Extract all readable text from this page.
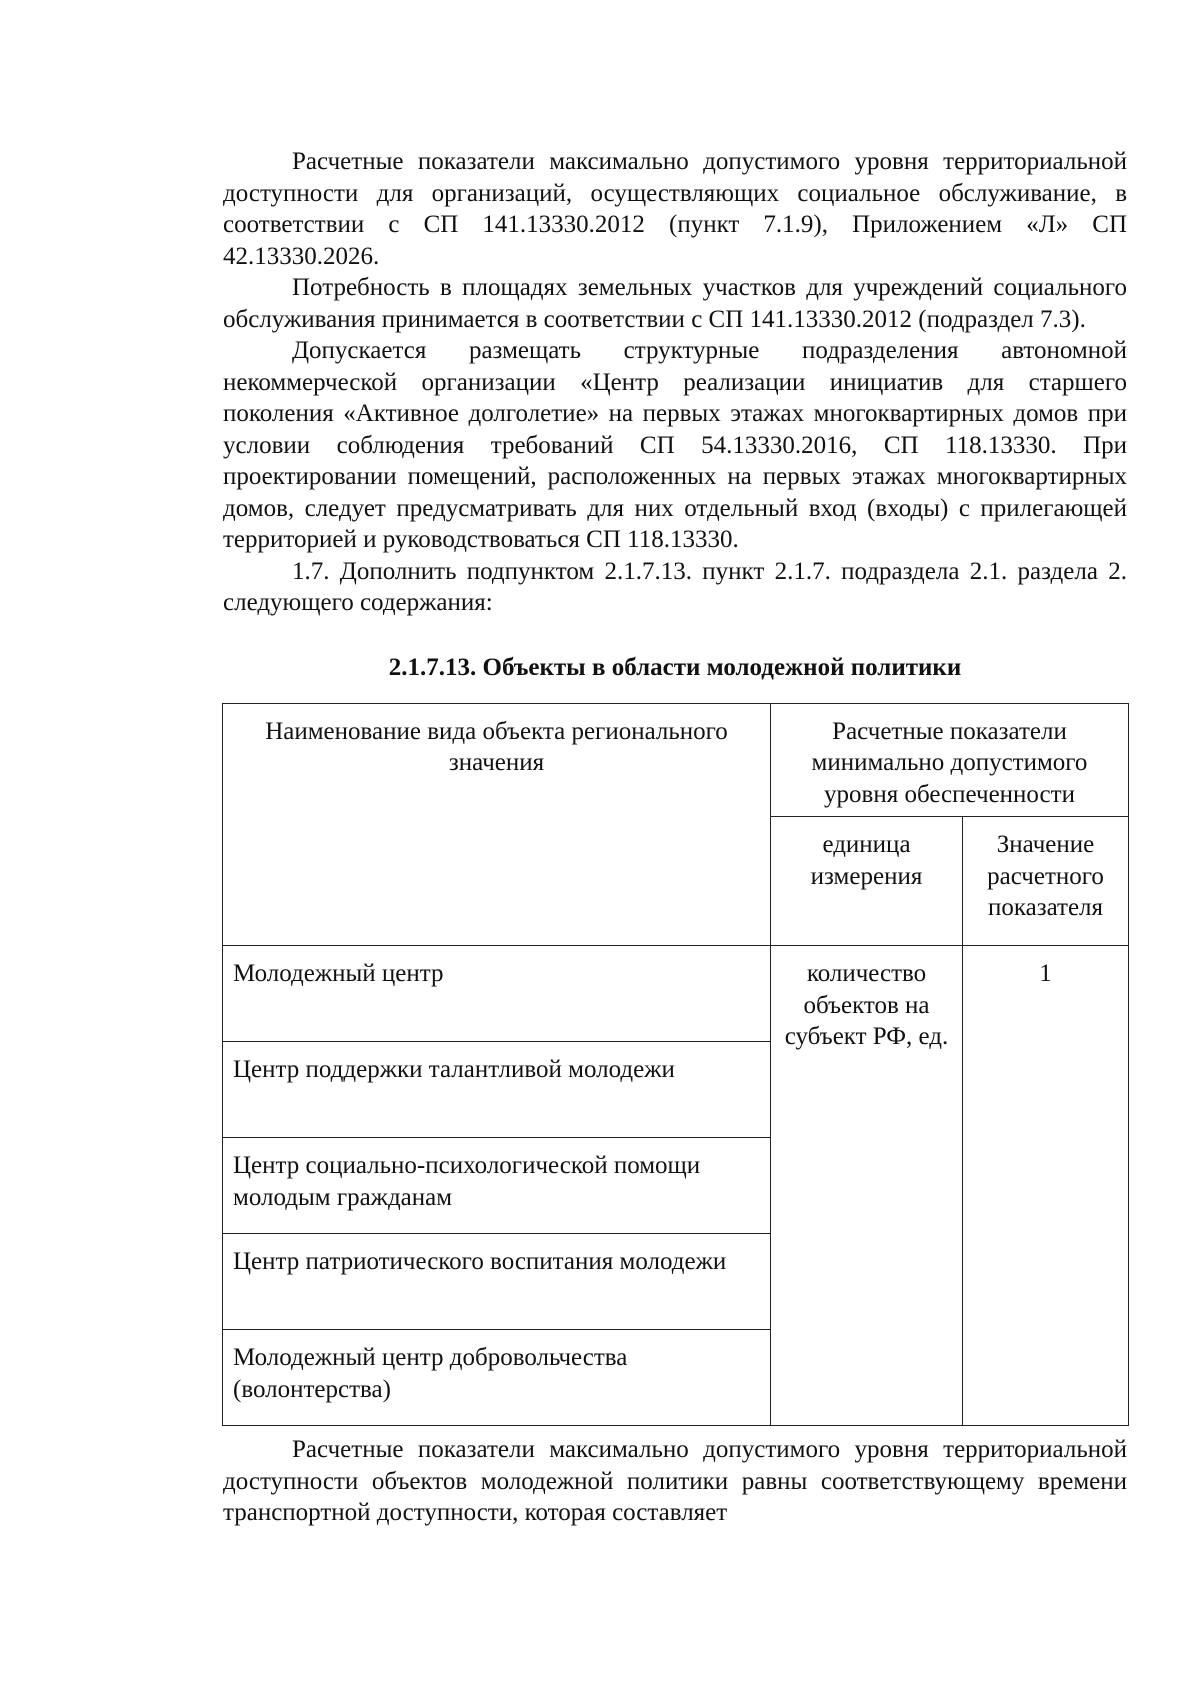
Расчетные показатели максимально допустимого уровня территориальной доступности для организаций, осуществляющих социальное обслуживание, в соответствии с СП 141.13330.2012 (пункт 7.1.9), Приложением «Л» СП 42.13330.2026.

Потребность в площадях земельных участков для учреждений социального обслуживания принимается в соответствии с СП 141.13330.2012 (подраздел 7.3).

Допускается размещать структурные подразделения автономной некоммерческой организации «Центр реализации инициатив для старшего поколения «Активное долголетие» на первых этажах многоквартирных домов при условии соблюдения требований СП 54.13330.2016, СП 118.13330. При проектировании помещений, расположенных на первых этажах многоквартирных домов, следует предусматривать для них отдельный вход (входы) с прилегающей территорией и руководствоваться СП 118.13330.

1.7. Дополнить подпунктом 2.1.7.13. пункт 2.1.7. подраздела 2.1. раздела 2. следующего содержания:

2.1.7.13. Объекты в области молодежной политики
Наименование вида объекта регионального значения	Расчетные показатели минимально допустимого уровня обеспеченности	
	единица измерения	Значение расчетного показателя
Молодежный центр	количество объектов на субъект РФ, ед.	1
Центр поддержки талантливой молодежи		
Центр социально-психологической помощи молодым гражданам		
Центр патриотического воспитания молодежи		
Молодежный центр добровольчества (волонтерства)		

Расчетные показатели максимально допустимого уровня территориальной доступности объектов молодежной политики равны соответствующему времени транспортной доступности, которая составляет
